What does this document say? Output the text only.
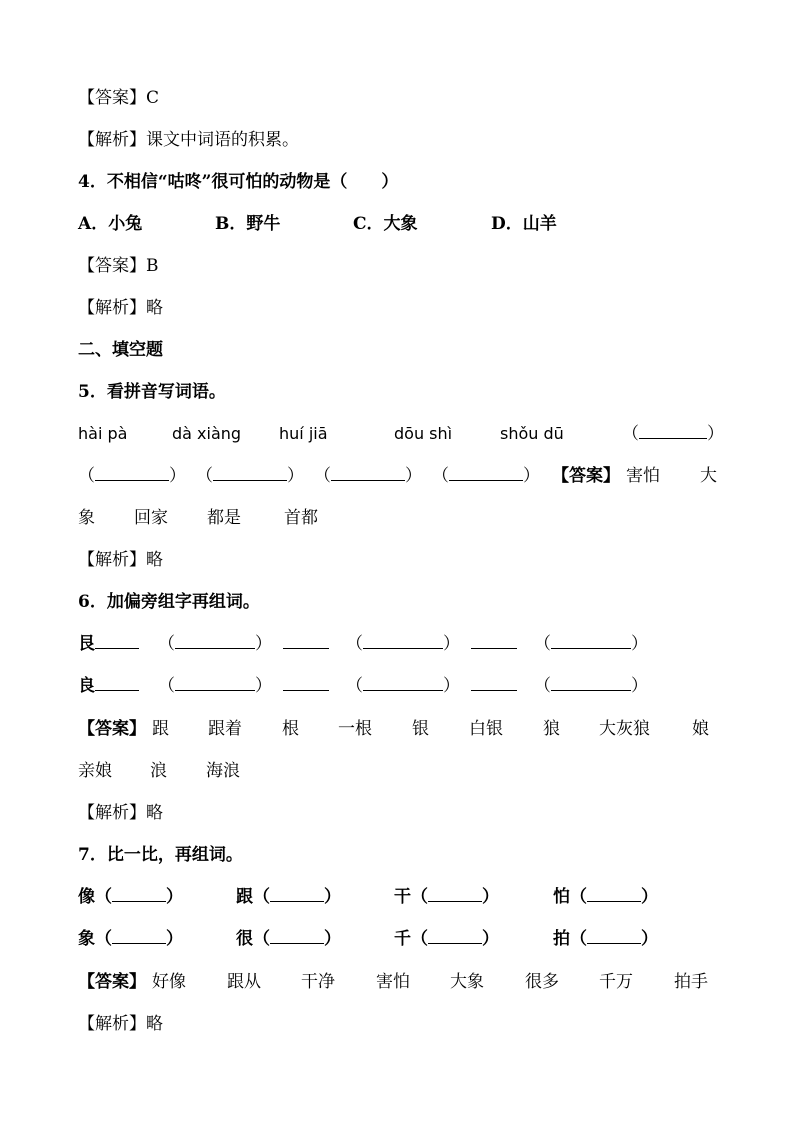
【答案】C
【解析】课文中词语的积累。
4．不相信“咕咚”很可怕的动物是（　　）
A．小兔	B．野牛	C．大象	D．山羊
【答案】B
【解析】略
二、填空题
5．看拼音写词语。
hài pà	dà xiàng huí jiā	dōu shì	shǒu dū	（	）
（	） （	） （	） （	） 【答案】 害怕 大
象 回家 都是	首都
【解析】略
6．加偏旁组字再组词。
艮	（	）	（	）	（	）
良	（	）	（	）	（	）
【答案】 跟 跟着 根 一根 银 白银 狼 大灰狼 娘
亲娘 浪 海浪
【解析】略
7．比一比，再组词。
像（	）	跟（	）	干（	）	怕（	）
象（	）	很（	）	千（	）	拍（	）
【答案】 好像 跟从 干净 害怕 大象 很多 千万 拍手
【解析】略
